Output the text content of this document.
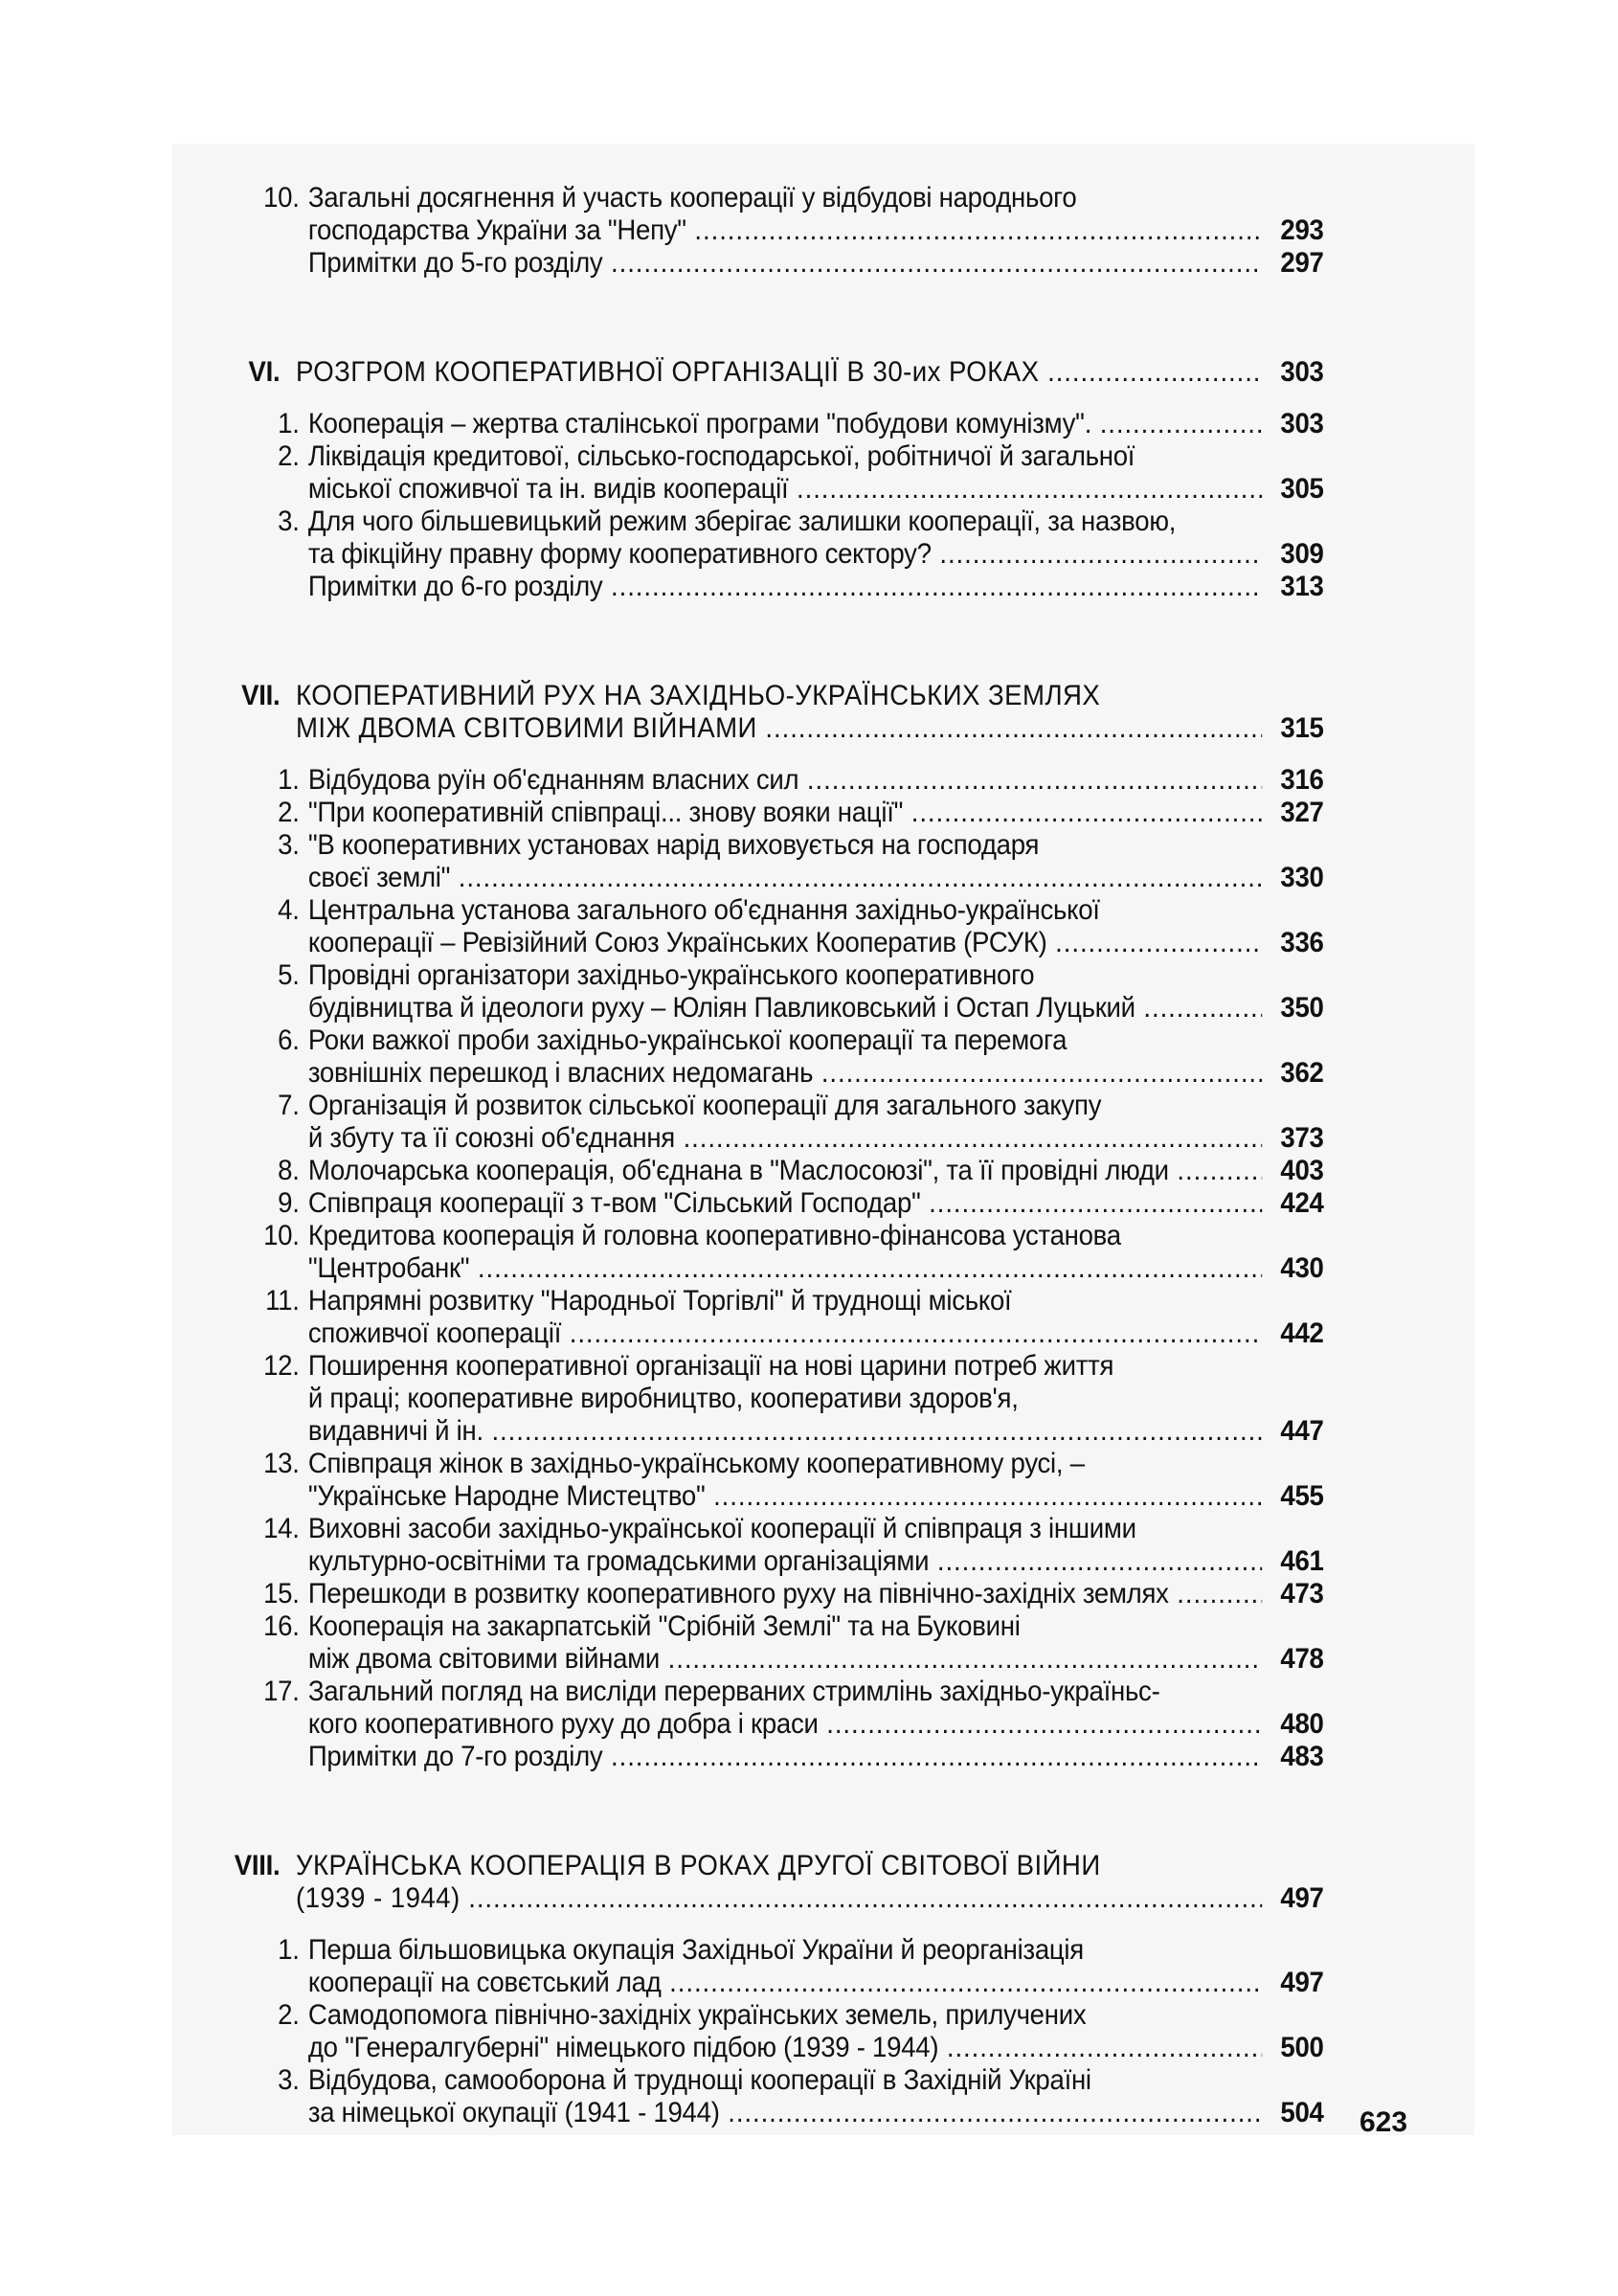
10. Загальні досягнення й участь кооперації у відбудові народнього
господарства України за "Непу" .....	293
Примітки до 5-го розділу .....	297
VI. РОЗГРОМ КООПЕРАТИВНОЇ ОРГАНІЗАЦІЇ В 30-их РОКАХ .....	303
1. Кооперація – жертва сталінської програми "побудови комунізму". .....	303
2. Ліквідація кредитової, сільсько-господарської, робітничої й загальної
міської споживчої та ін. видів кооперації .....	305
3. Для чого більшевицький режим зберігає залишки кооперації, за назвою,
та фікційну правну форму кооперативного сектору? .....	309
Примітки до 6-го розділу .....	313
VII. КООПЕРАТИВНИЙ РУХ НА ЗАХІДНЬО-УКРАЇНСЬКИХ ЗЕМЛЯХ
МІЖ ДВОМА СВІТОВИМИ ВІЙНАМИ .....	315
1. Відбудова руїн об'єднанням власних сил .....	316
2. "При кооперативній співпраці... знову вояки нації" .....	327
3. "В кооперативних установах нарід виховується на господаря
своєї землі" .....	330
4. Центральна установа загального об'єднання західньо-української
кооперації – Ревізійний Союз Українських Кооператив (РСУК) .....	336
5. Провідні організатори західньо-українського кооперативного
будівництва й ідеологи руху – Юліян Павликовський і Остап Луцький .....	350
6. Роки важкої проби західньо-української кооперації та перемога
зовнішніх перешкод і власних недомагань .....	362
7. Організація й розвиток сільської кооперації для загального закупу
й збуту та її союзні об'єднання .....	373
8. Молочарська кооперація, об'єднана в "Маслосоюзі", та її провідні люди .....	403
9. Співпраця кооперації з т-вом "Сільський Господар" .....	424
10. Кредитова кооперація й головна кооперативно-фінансова установа
"Центробанк" .....	430
11. Напрямні розвитку "Народньої Торгівлі" й труднощі міської
споживчої кооперації .....	442
12. Поширення кооперативної організації на нові царини потреб життя
й праці; кооперативне виробництво, кооперативи здоров'я,
видавничі й ін. .....	447
13. Співпраця жінок в західньо-українському кооперативному русі, –
"Українське Народне Мистецтво" .....	455
14. Виховні засоби західньо-української кооперації й співпраця з іншими
культурно-освітніми та громадськими організаціями .....	461
15. Перешкоди в розвитку кооперативного руху на північно-західніх землях .....	473
16. Кооперація на закарпатській "Срібній Землі" та на Буковині
між двома світовими війнами .....	478
17. Загальний погляд на висліди перерваних стримлінь західньо-україньс-
кого кооперативного руху до добра і краси .....	480
Примітки до 7-го розділу .....	483
VIII. УКРАЇНСЬКА КООПЕРАЦІЯ В РОКАХ ДРУГОЇ СВІТОВОЇ ВІЙНИ
(1939 - 1944) .....	497
1. Перша більшовицька окупація Західньої України й реорганізація
кооперації на совєтський лад .....	497
2. Самодопомога північно-західніх українських земель, прилучених
до "Генералгуберні" німецького підбою (1939 - 1944) .....	500
3. Відбудова, самооборона й труднощі кооперації в Західній Україні
за німецької окупації (1941 - 1944) .....	504 623
